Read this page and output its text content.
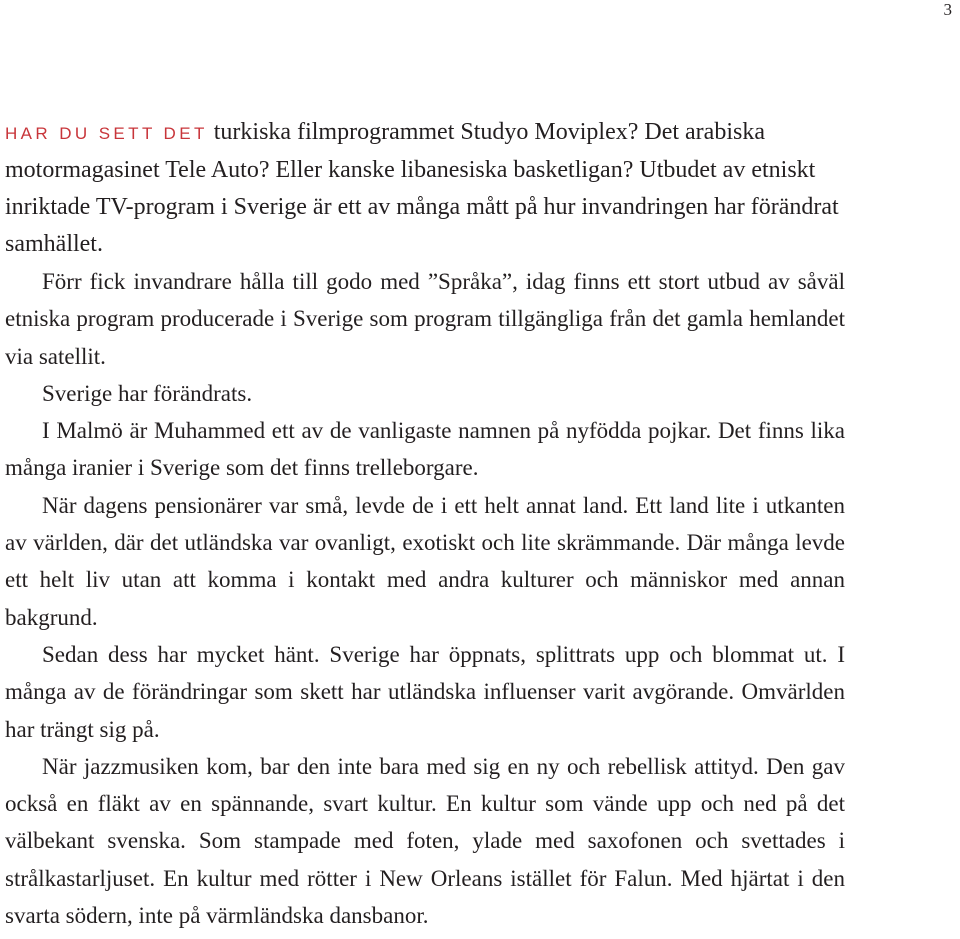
3

HAR DU SETT DET turkiska filmprogrammet Studyo Moviplex? Det arabiska motormagasinet Tele Auto? Eller kanske libanesiska basketligan? Utbudet av etniskt inriktade TV-program i Sverige är ett av många mått på hur invandringen har förändrat samhället.

Förr fick invandrare hålla till godo med ”Språka”, idag finns ett stort utbud av såväl etniska program producerade i Sverige som program tillgängliga från det gamla hemlandet via satellit.

Sverige har förändrats.

I Malmö är Muhammed ett av de vanligaste namnen på nyfödda pojkar. Det finns lika många iranier i Sverige som det finns trelleborgare.

När dagens pensionärer var små, levde de i ett helt annat land. Ett land lite i utkanten av världen, där det utländska var ovanligt, exotiskt och lite skrämmande. Där många levde ett helt liv utan att komma i kontakt med andra kulturer och människor med annan bakgrund.

Sedan dess har mycket hänt. Sverige har öppnats, splittrats upp och blommat ut. I många av de förändringar som skett har utländska influenser varit avgörande. Omvärlden har trängt sig på.

När jazzmusiken kom, bar den inte bara med sig en ny och rebellisk attityd. Den gav också en fläkt av en spännande, svart kultur. En kultur som vände upp och ned på det välbekant svenska. Som stampade med foten, ylade med saxofonen och svettades i strålkastarljuset. En kultur med rötter i New Orleans istället för Falun. Med hjärtat i den svarta södern, inte på värmländska dansbanor.
